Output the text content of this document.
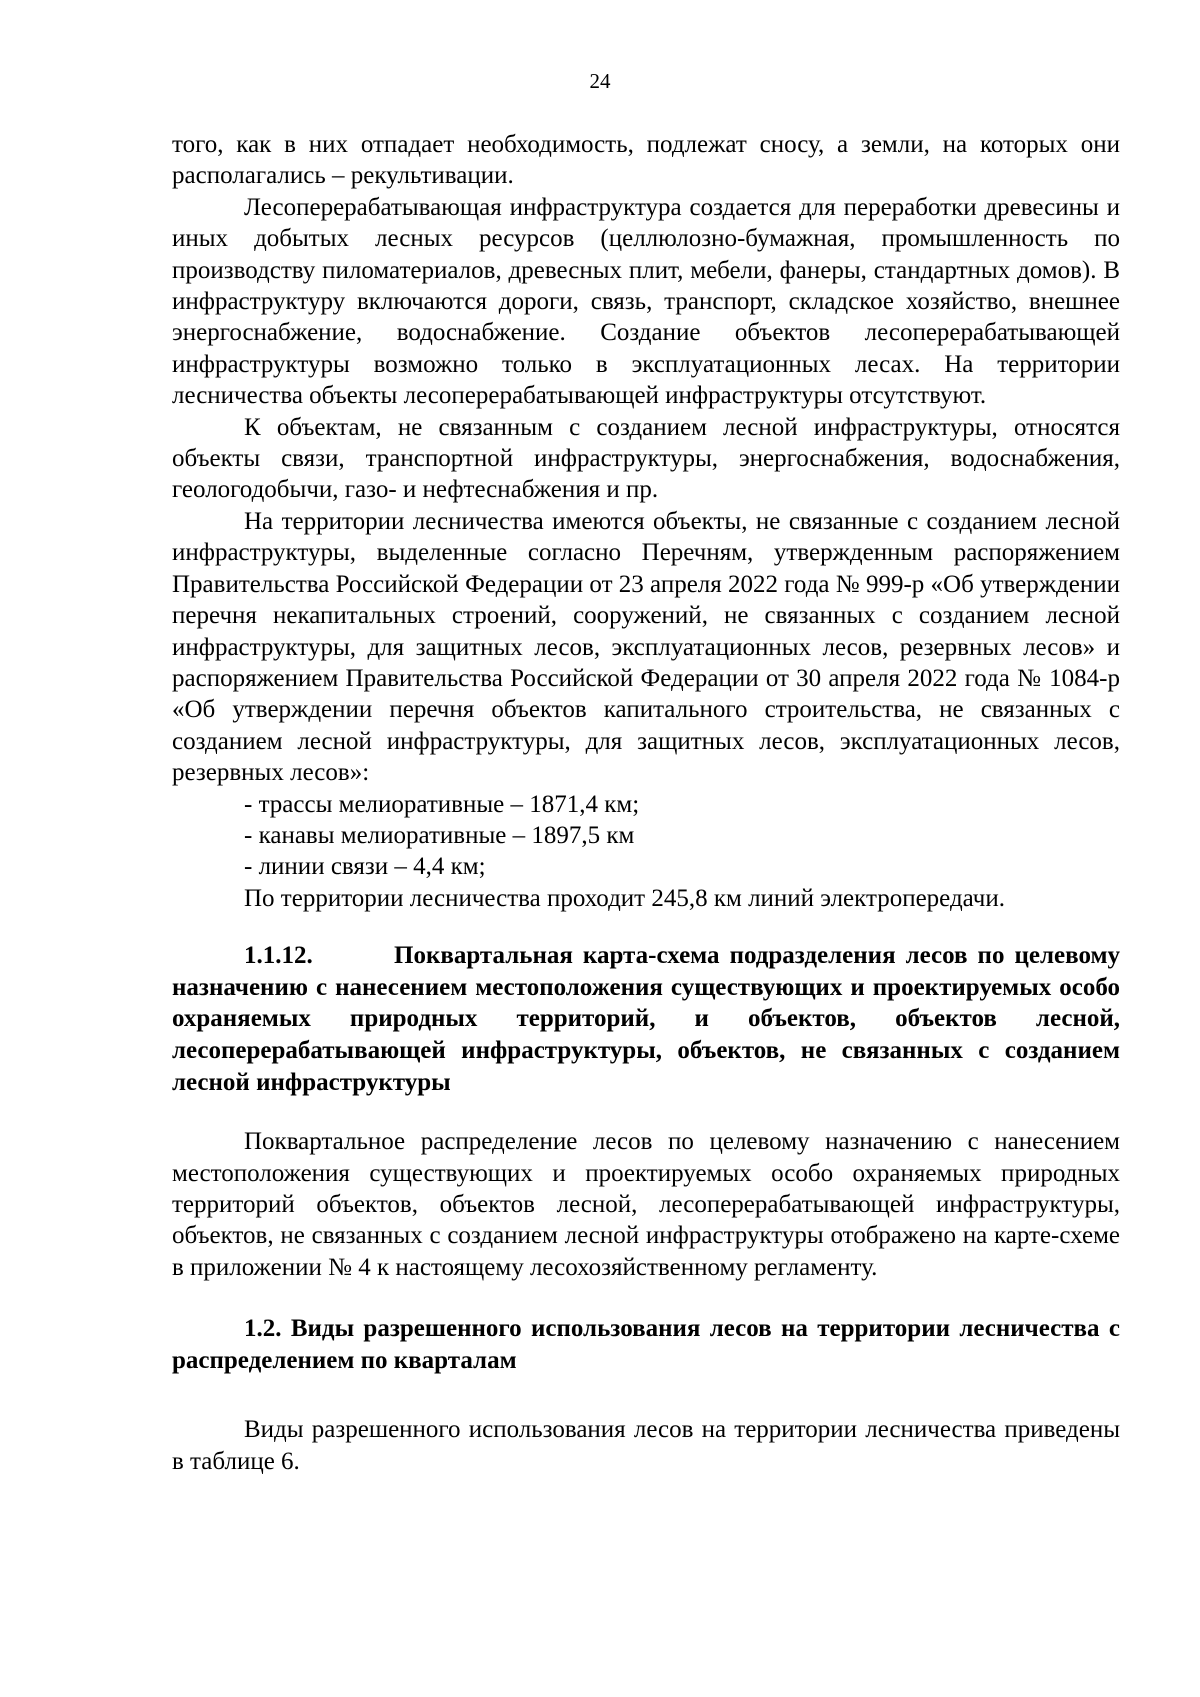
24

того, как в них отпадает необходимость, подлежат сносу, а земли, на которых они располагались – рекультивации.

Лесоперерабатывающая инфраструктура создается для переработки древесины и иных добытых лесных ресурсов (целлюлозно-бумажная, промышленность по производству пиломатериалов, древесных плит, мебели, фанеры, стандартных домов). В инфраструктуру включаются дороги, связь, транспорт, складское хозяйство, внешнее энергоснабжение, водоснабжение. Создание объектов лесоперерабатывающей инфраструктуры возможно только в эксплуатационных лесах. На территории лесничества объекты лесоперерабатывающей инфраструктуры отсутствуют.

К объектам, не связанным с созданием лесной инфраструктуры, относятся объекты связи, транспортной инфраструктуры, энергоснабжения, водоснабжения, геологодобычи, газо- и нефтеснабжения и пр.

На территории лесничества имеются объекты, не связанные с созданием лесной инфраструктуры, выделенные согласно Перечням, утвержденным распоряжением Правительства Российской Федерации от 23 апреля 2022 года № 999-р «Об утверждении перечня некапитальных строений, сооружений, не связанных с созданием лесной инфраструктуры, для защитных лесов, эксплуатационных лесов, резервных лесов» и распоряжением Правительства Российской Федерации от 30 апреля 2022 года № 1084-р «Об утверждении перечня объектов капитального строительства, не связанных с созданием лесной инфраструктуры, для защитных лесов, эксплуатационных лесов, резервных лесов»:

- трассы мелиоративные – 1871,4 км;

- канавы мелиоративные – 1897,5 км

- линии связи – 4,4 км;

По территории лесничества проходит 245,8 км линий электропередачи.

1.1.12.	Поквартальная карта-схема подразделения лесов по целевому назначению с нанесением местоположения существующих и проектируемых особо охраняемых природных территорий, и объектов, объектов лесной, лесоперерабатывающей инфраструктуры, объектов, не связанных с созданием лесной инфраструктуры

Поквартальное распределение лесов по целевому назначению с нанесением местоположения существующих и проектируемых особо охраняемых природных территорий объектов, объектов лесной, лесоперерабатывающей инфраструктуры, объектов, не связанных с созданием лесной инфраструктуры отображено на карте-схеме в приложении № 4 к настоящему лесохозяйственному регламенту.

1.2. Виды разрешенного использования лесов на территории лесничества с распределением по кварталам

Виды разрешенного использования лесов на территории лесничества приведены в таблице 6.
